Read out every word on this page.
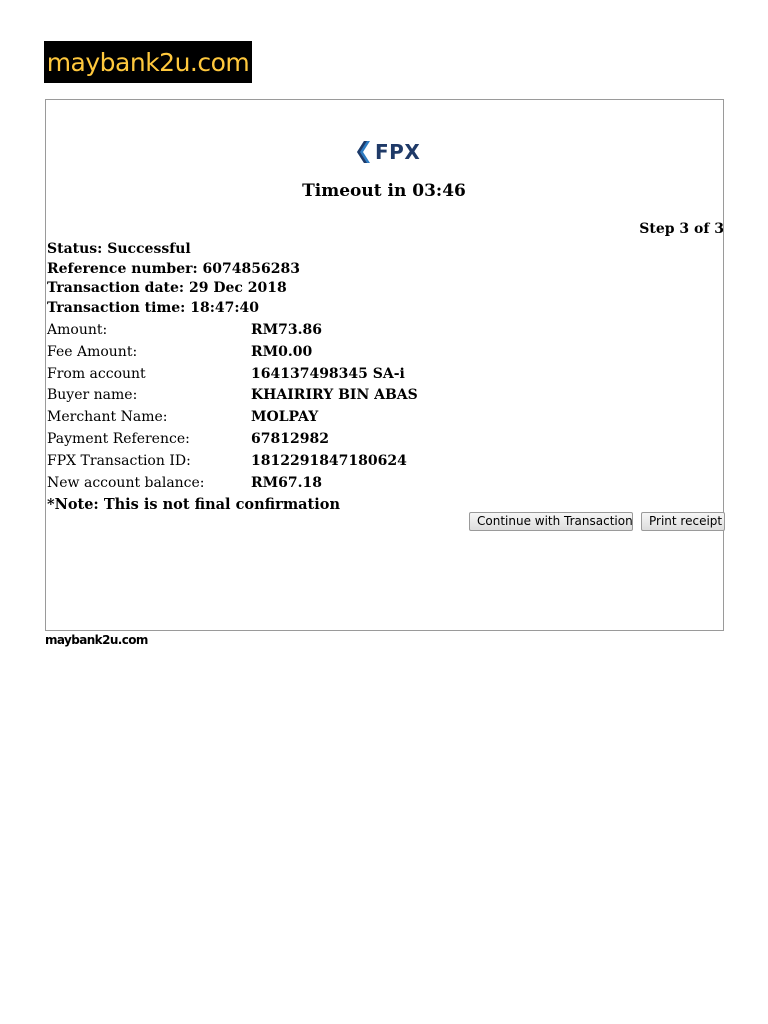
maybank2u.com
FPX
Timeout in 03:46
Step 3 of 3
Status: Successful
Reference number: 6074856283
Transaction date: 29 Dec 2018
Transaction time: 18:47:40
Amount:	RM73.86
Fee Amount:	RM0.00
From account	164137498345 SA-i
Buyer name:	KHAIRIRY BIN ABAS
Merchant Name:	MOLPAY
Payment Reference:	67812982
FPX Transaction ID:	1812291847180624
New account balance:	RM67.18
*Note: This is not final confirmation
Continue with Transaction	Print receipt
maybank2u.com
